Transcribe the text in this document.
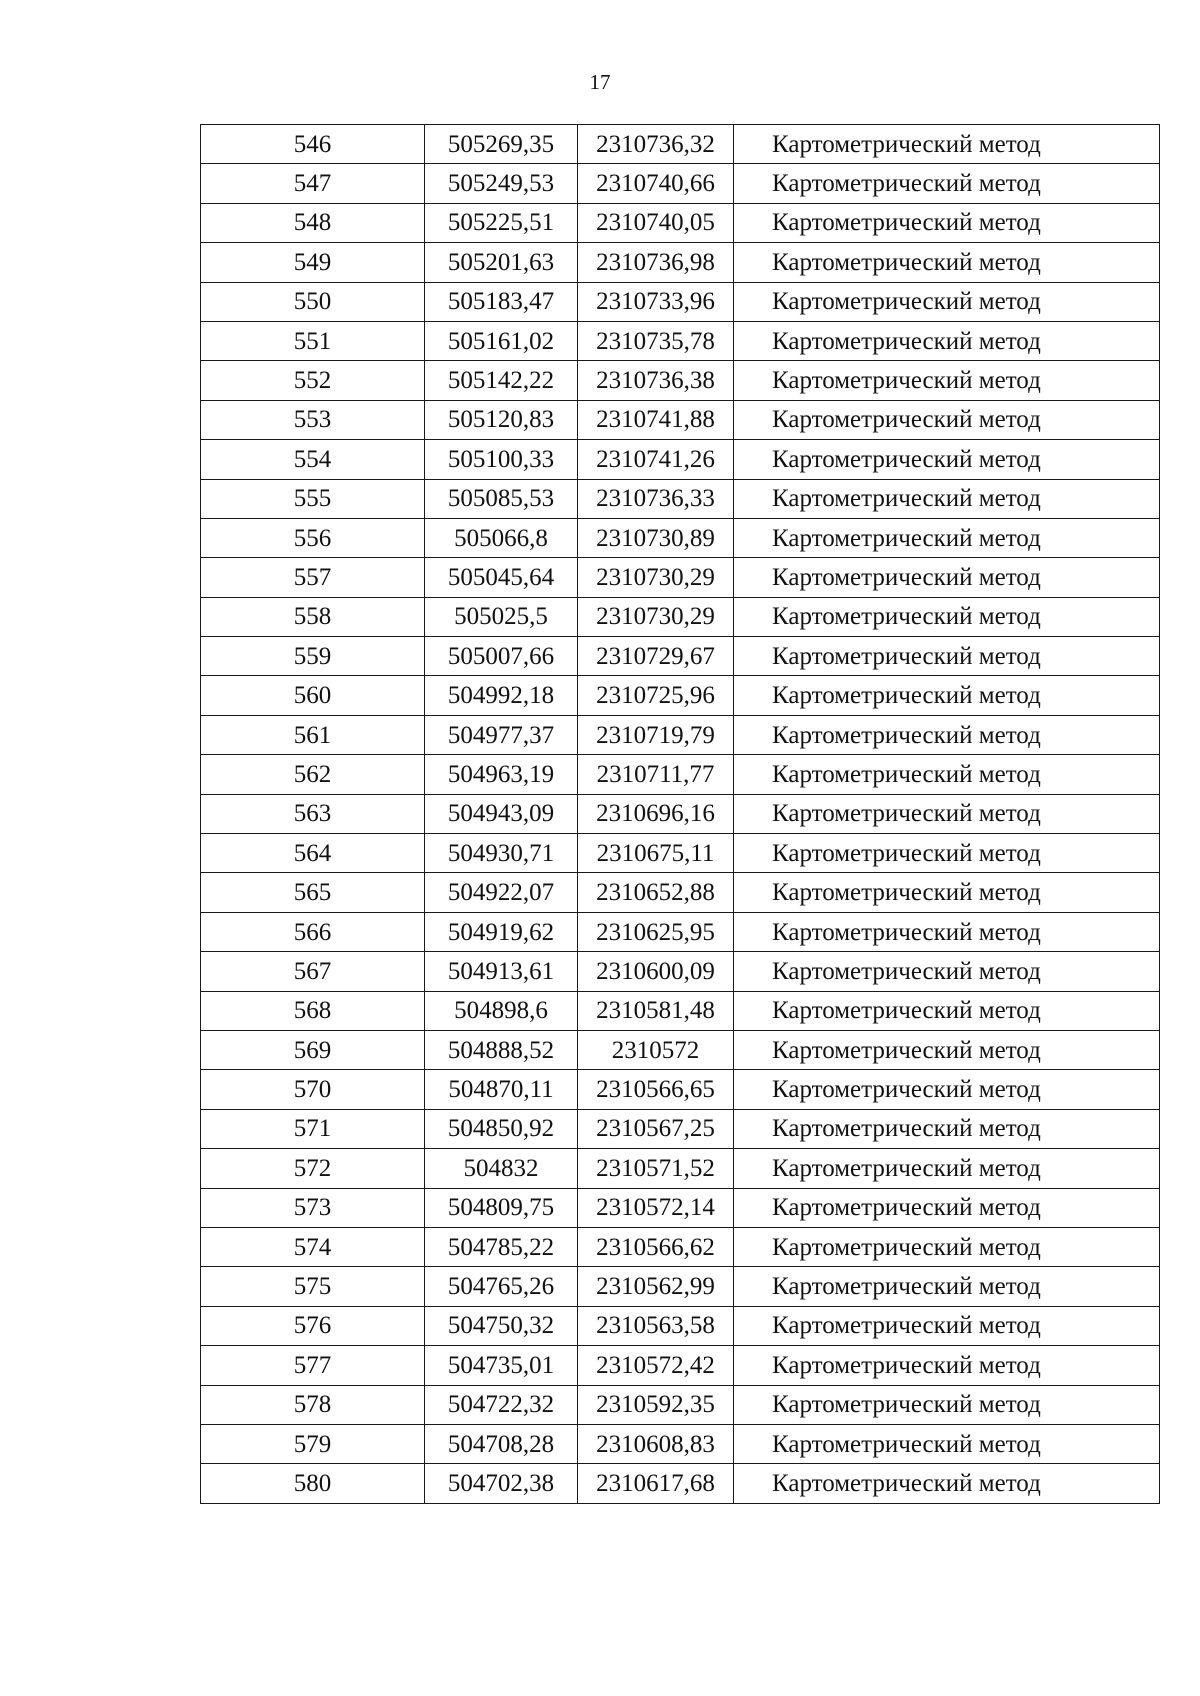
17
546	505269,35	2310736,32	Картометрический метод
547	505249,53	2310740,66	Картометрический метод
548	505225,51	2310740,05	Картометрический метод
549	505201,63	2310736,98	Картометрический метод
550	505183,47	2310733,96	Картометрический метод
551	505161,02	2310735,78	Картометрический метод
552	505142,22	2310736,38	Картометрический метод
553	505120,83	2310741,88	Картометрический метод
554	505100,33	2310741,26	Картометрический метод
555	505085,53	2310736,33	Картометрический метод
556	505066,8	2310730,89	Картометрический метод
557	505045,64	2310730,29	Картометрический метод
558	505025,5	2310730,29	Картометрический метод
559	505007,66	2310729,67	Картометрический метод
560	504992,18	2310725,96	Картометрический метод
561	504977,37	2310719,79	Картометрический метод
562	504963,19	2310711,77	Картометрический метод
563	504943,09	2310696,16	Картометрический метод
564	504930,71	2310675,11	Картометрический метод
565	504922,07	2310652,88	Картометрический метод
566	504919,62	2310625,95	Картометрический метод
567	504913,61	2310600,09	Картометрический метод
568	504898,6	2310581,48	Картометрический метод
569	504888,52	2310572	Картометрический метод
570	504870,11	2310566,65	Картометрический метод
571	504850,92	2310567,25	Картометрический метод
572	504832	2310571,52	Картометрический метод
573	504809,75	2310572,14	Картометрический метод
574	504785,22	2310566,62	Картометрический метод
575	504765,26	2310562,99	Картометрический метод
576	504750,32	2310563,58	Картометрический метод
577	504735,01	2310572,42	Картометрический метод
578	504722,32	2310592,35	Картометрический метод
579	504708,28	2310608,83	Картометрический метод
580	504702,38	2310617,68	Картометрический метод
